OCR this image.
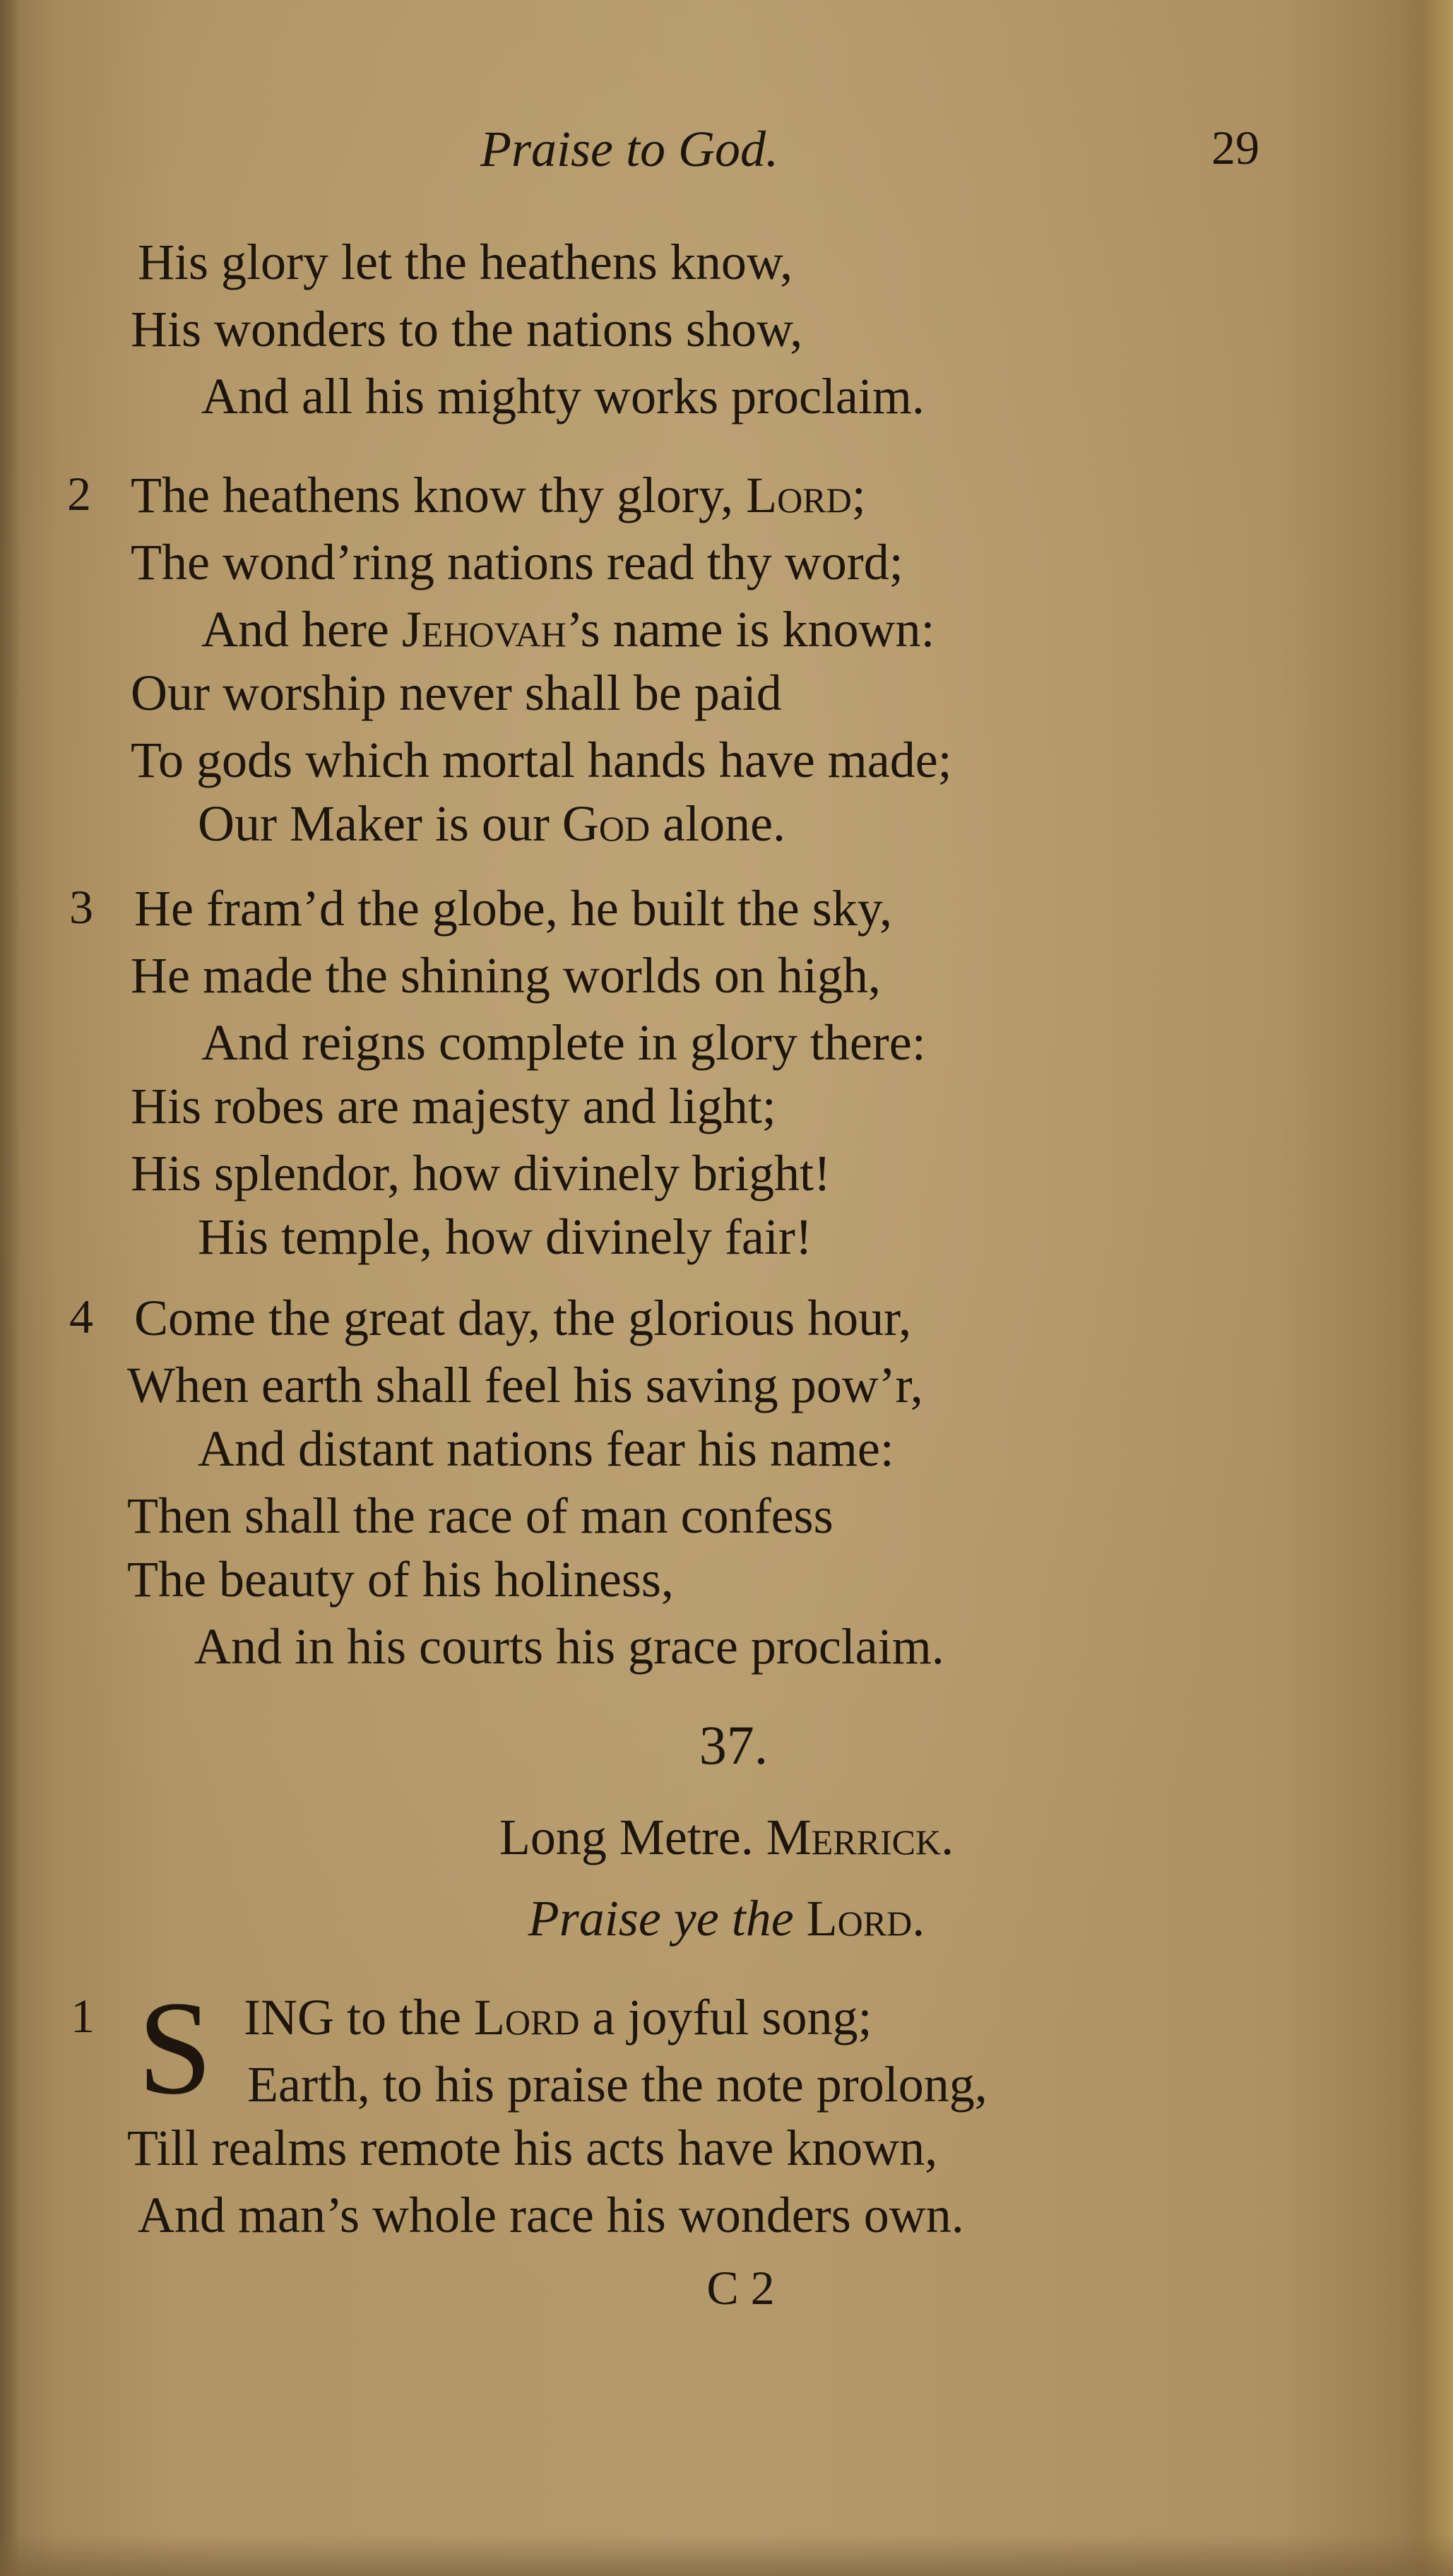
Praise to God.	29
His glory let the heathens know,
His wonders to the nations show,
And all his mighty works proclaim.
2 The heathens know thy glory, Lord;
The wond’ring nations read thy word;
And here Jehovah’s name is known:
Our worship never shall be paid
To gods which mortal hands have made;
Our Maker is our God alone.
3 He fram’d the globe, he built the sky,
He made the shining worlds on high,
And reigns complete in glory there:
His robes are majesty and light;
His splendor, how divinely bright!
His temple, how divinely fair!
4 Come the great day, the glorious hour,
When earth shall feel his saving pow’r,
And distant nations fear his name:
Then shall the race of man confess
The beauty of his holiness,
And in his courts his grace proclaim.
37.
Long Metre. Merrick.
Praise ye the Lord.
1 S ING to the Lord a joyful song;
Earth, to his praise the note prolong,
Till realms remote his acts have known,
And man’s whole race his wonders own.
C 2
